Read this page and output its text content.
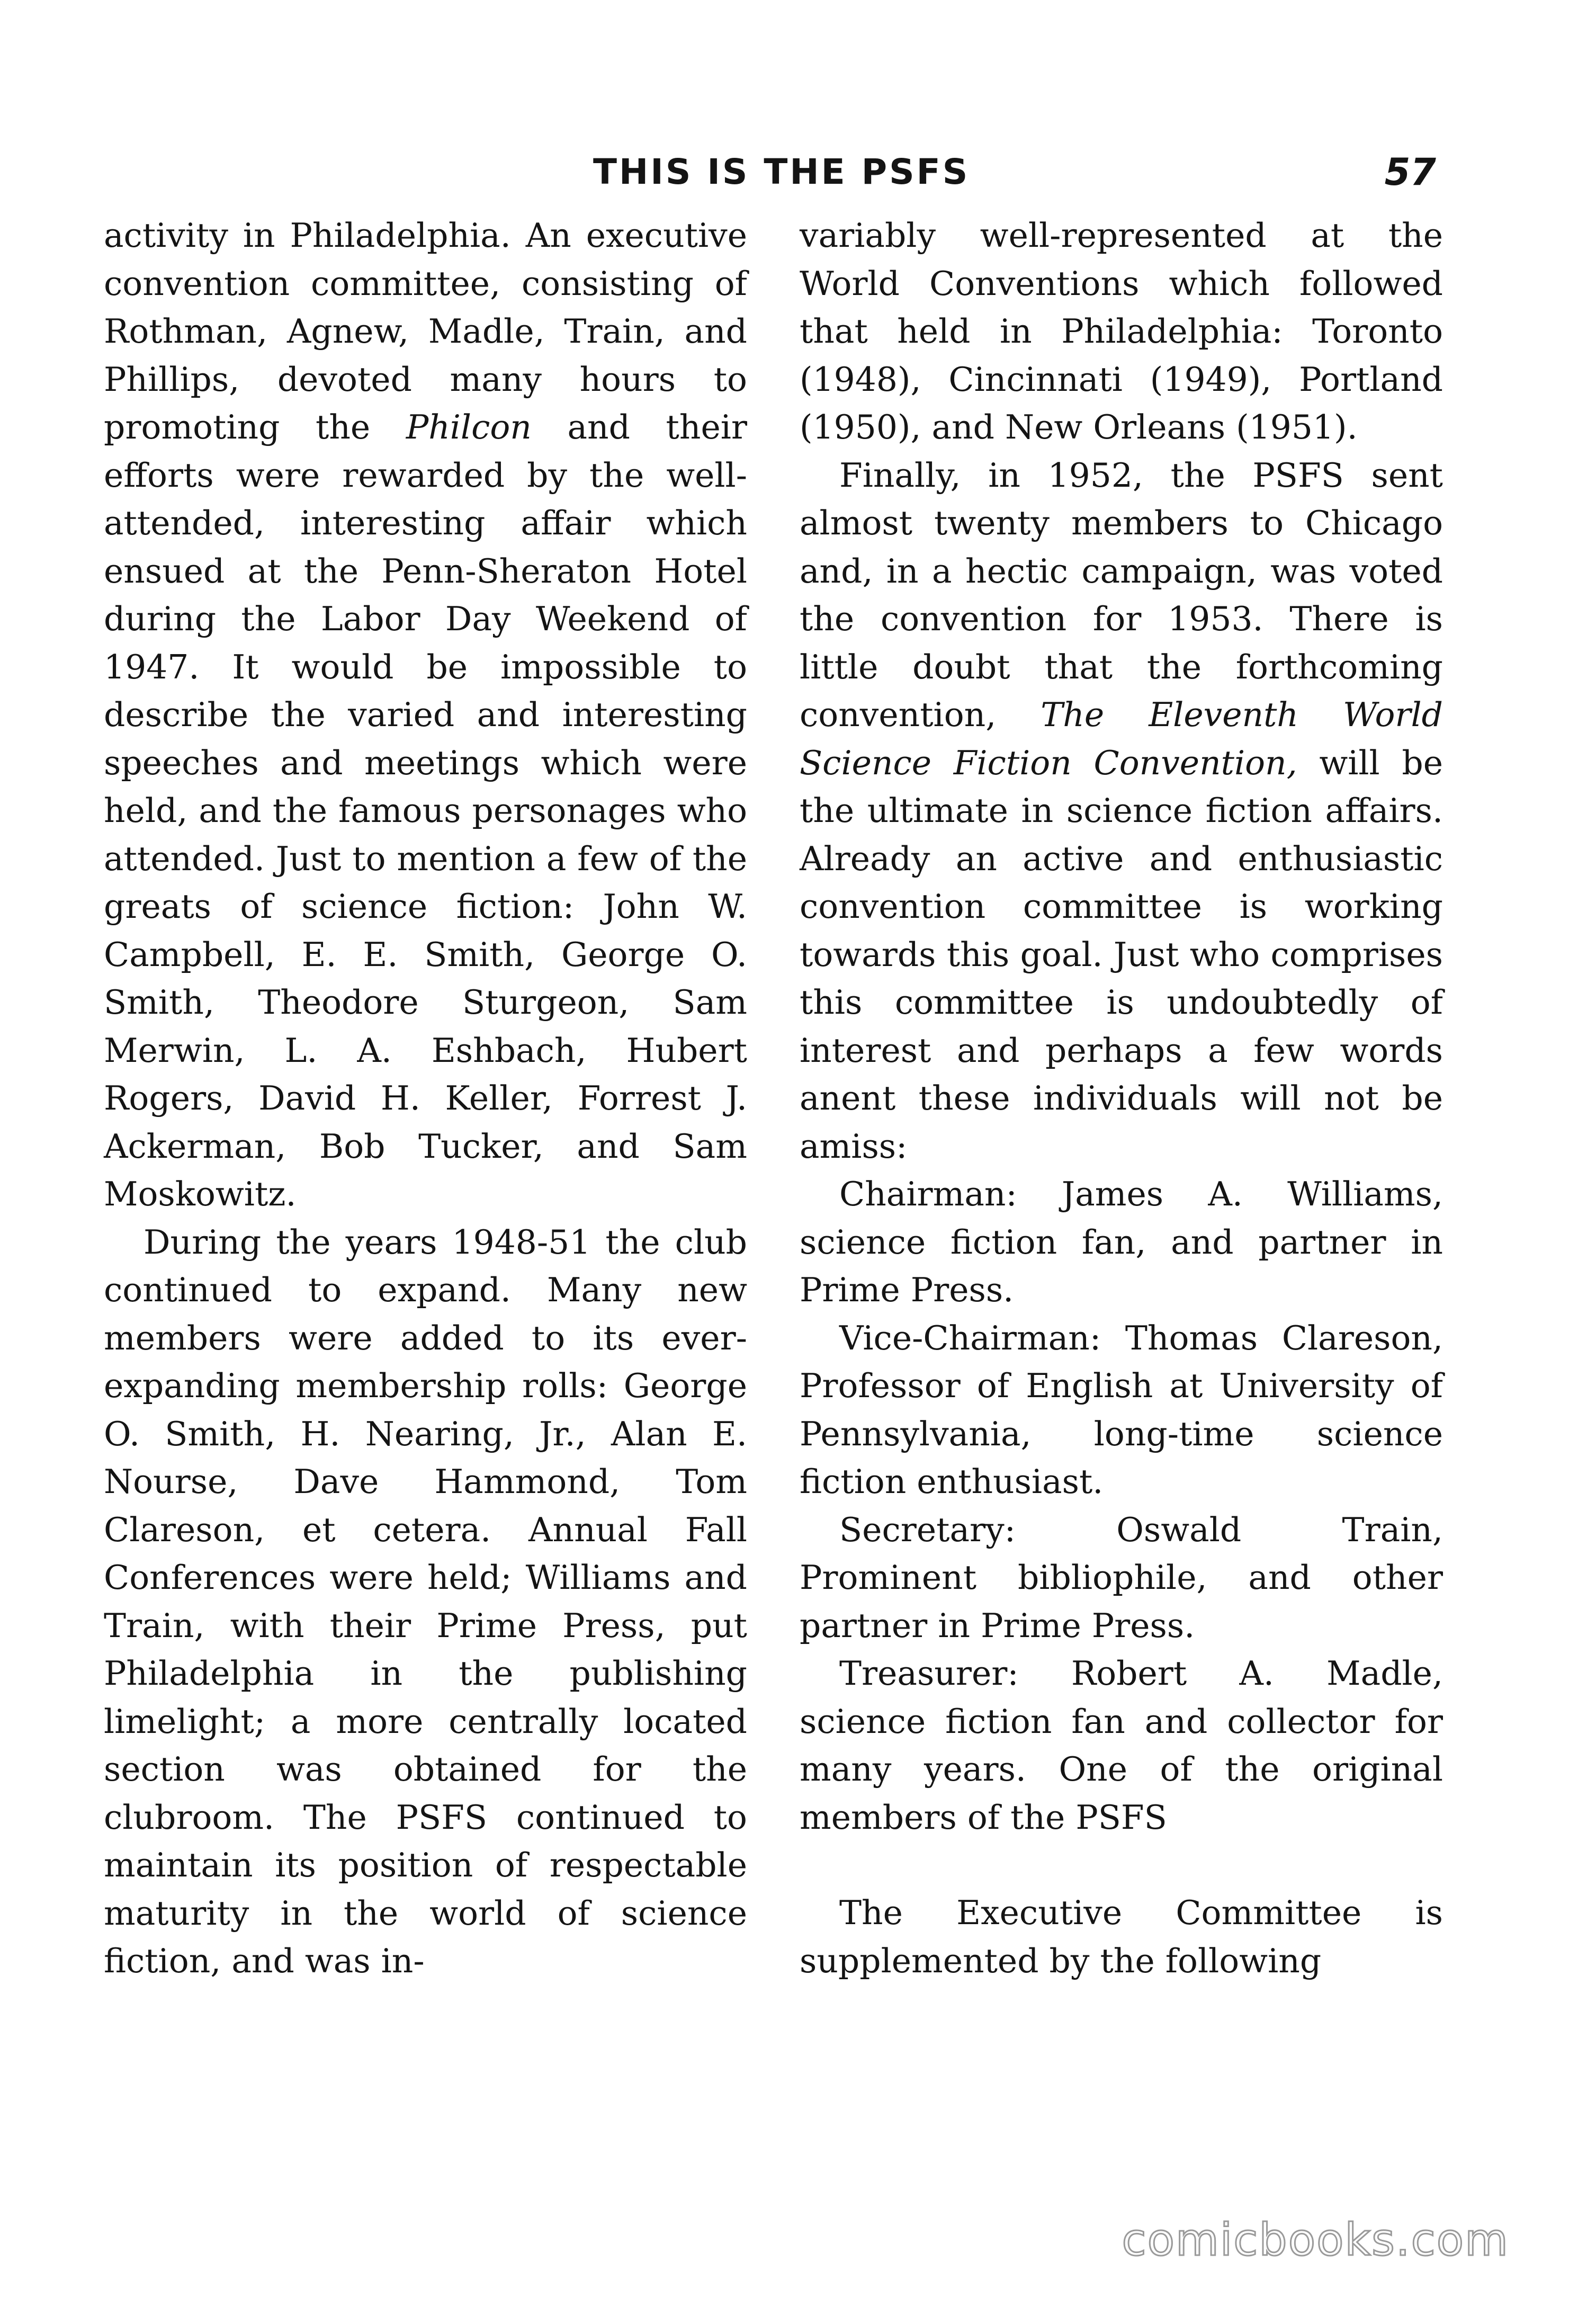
THIS IS THE PSFS	57

activity in Philadelphia. An executive convention committee, consisting of Rothman, Agnew, Madle, Train, and Phillips, devoted many hours to promoting the Philcon and their efforts were rewarded by the well-attended, interesting affair which ensued at the Penn-Sheraton Hotel during the Labor Day Weekend of 1947. It would be impossible to describe the varied and interesting speeches and meetings which were held, and the famous personages who attended. Just to mention a few of the greats of science fiction: John W. Campbell, E. E. Smith, George O. Smith, Theodore Sturgeon, Sam Merwin, L. A. Eshbach, Hubert Rogers, David H. Keller, Forrest J. Ackerman, Bob Tucker, and Sam Moskowitz.

During the years 1948-51 the club continued to expand. Many new members were added to its ever-expanding membership rolls: George O. Smith, H. Nearing, Jr., Alan E. Nourse, Dave Hammond, Tom Clareson, et cetera. Annual Fall Conferences were held; Williams and Train, with their Prime Press, put Philadelphia in the publishing limelight; a more centrally located section was obtained for the clubroom. The PSFS continued to maintain its position of respectable maturity in the world of science fiction, and was in-

variably well-represented at the World Conventions which followed that held in Philadelphia: Toronto (1948), Cincinnati (1949), Portland (1950), and New Orleans (1951).

Finally, in 1952, the PSFS sent almost twenty members to Chicago and, in a hectic campaign, was voted the convention for 1953. There is little doubt that the forthcoming convention, The Eleventh World Science Fiction Convention, will be the ultimate in science fiction affairs. Already an active and enthusiastic convention committee is working towards this goal. Just who comprises this committee is undoubtedly of interest and perhaps a few words anent these individuals will not be amiss:

Chairman: James A. Williams, science fiction fan, and partner in Prime Press.

Vice-Chairman: Thomas Clareson, Professor of English at University of Pennsylvania, long-time science fiction enthusiast.

Secretary: Oswald Train, Prominent bibliophile, and other partner in Prime Press.

Treasurer: Robert A. Madle, science fiction fan and collector for many years. One of the original members of the PSFS

The Executive Committee is supplemented by the following

comicbooks.com
